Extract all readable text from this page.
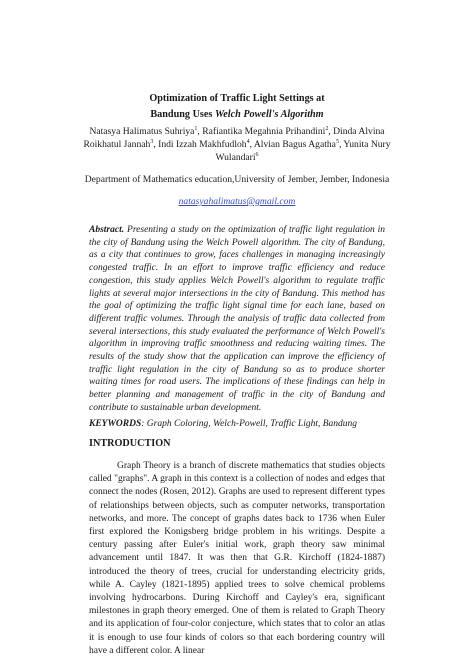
Optimization of Traffic Light Settings at
Bandung Uses Welch Powell's Algorithm
Natasya Halimatus Suhriya$^1$, Rafiantika Megahnia Prihandini$^2$, Dinda Alvina Roikhatul Jannah$^3$, Indi Izzah Makhfudloh$^4$, Alvian Bagus Agatha$^5$, Yunita Nury Wulandari$^6$
Department of Mathematics education,University of Jember, Jember, Indonesia
natasyahalimatus@gmail.com
Abstract. Presenting a study on the optimization of traffic light regulation in the city of Bandung using the Welch Powell algorithm. The city of Bandung, as a city that continues to grow, faces challenges in managing increasingly congested traffic. In an effort to improve traffic efficiency and reduce congestion, this study applies Welch Powell's algorithm to regulate traffic lights at several major intersections in the city of Bandung. This method has the goal of optimizing the traffic light signal time for each lane, based on different traffic volumes. Through the analysis of traffic data collected from several intersections, this study evaluated the performance of Welch Powell's algorithm in improving traffic smoothness and reducing waiting times. The results of the study show that the application can improve the efficiency of traffic light regulation in the city of Bandung so as to produce shorter waiting times for road users. The implications of these findings can help in better planning and management of traffic in the city of Bandung and contribute to sustainable urban development.
KEYWORDS: Graph Coloring, Welch-Powell, Traffic Light, Bandung
INTRODUCTION
Graph Theory is a branch of discrete mathematics that studies objects called "graphs". A graph in this context is a collection of nodes and edges that connect the nodes (Rosen, 2012). Graphs are used to represent different types of relationships between objects, such as computer networks, transportation networks, and more. The concept of graphs dates back to 1736 when Euler first explored the Konigsberg bridge problem in his writings. Despite a century passing after Euler's initial work, graph theory saw minimal advancement until 1847. It was then that G.R. Kirchoff (1824-1887) introduced the theory of trees, crucial for understanding electricity grids, while A. Cayley (1821-1895) applied trees to solve chemical problems involving hydrocarbons. During Kirchoff and Cayley's era, significant milestones in graph theory emerged. One of them is related to Graph Theory and its application of four-color conjecture, which states that to color an atlas it is enough to use four kinds of colors so that each bordering country will have a different color. A linear
